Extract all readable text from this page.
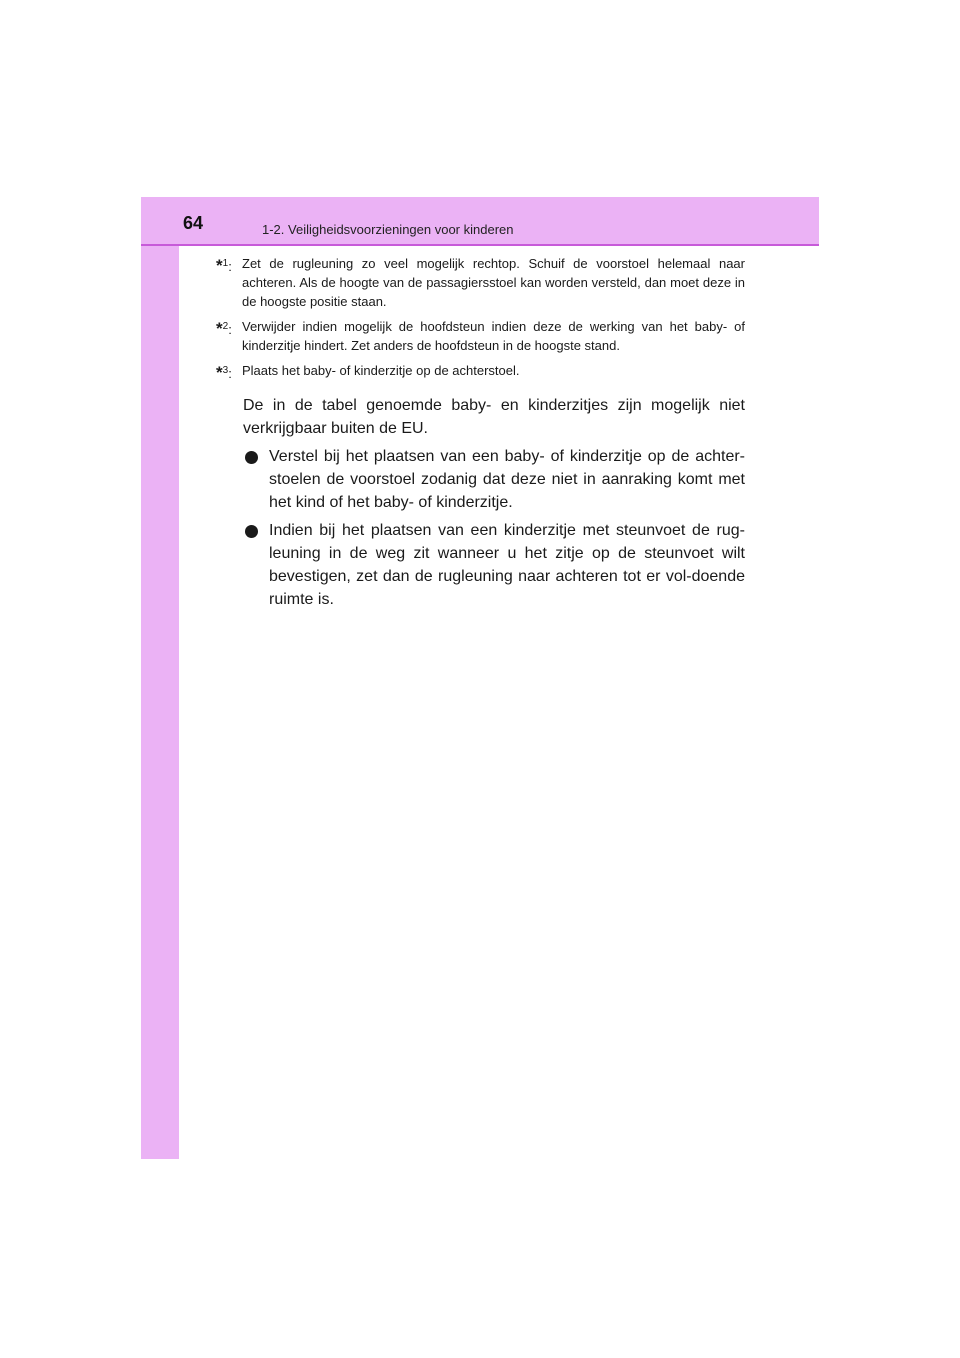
64	1-2. Veiligheidsvoorzieningen voor kinderen
*$^1$: Zet de rugleuning zo veel mogelijk rechtop. Schuif de voorstoel helemaal naar achteren. Als de hoogte van de passagiersstoel kan worden versteld, dan moet deze in de hoogste positie staan.
*$^2$: Verwijder indien mogelijk de hoofdsteun indien deze de werking van het baby- of kinderzitje hindert. Zet anders de hoofdsteun in de hoogste stand.
*$^3$: Plaats het baby- of kinderzitje op de achterstoel.
De in de tabel genoemde baby- en kinderzitjes zijn mogelijk niet verkrijgbaar buiten de EU.
Verstel bij het plaatsen van een baby- of kinderzitje op de achter-stoelen de voorstoel zodanig dat deze niet in aanraking komt met het kind of het baby- of kinderzitje.
Indien bij het plaatsen van een kinderzitje met steunvoet de rug-leuning in de weg zit wanneer u het zitje op de steunvoet wilt bevestigen, zet dan de rugleuning naar achteren tot er vol-doende ruimte is.
